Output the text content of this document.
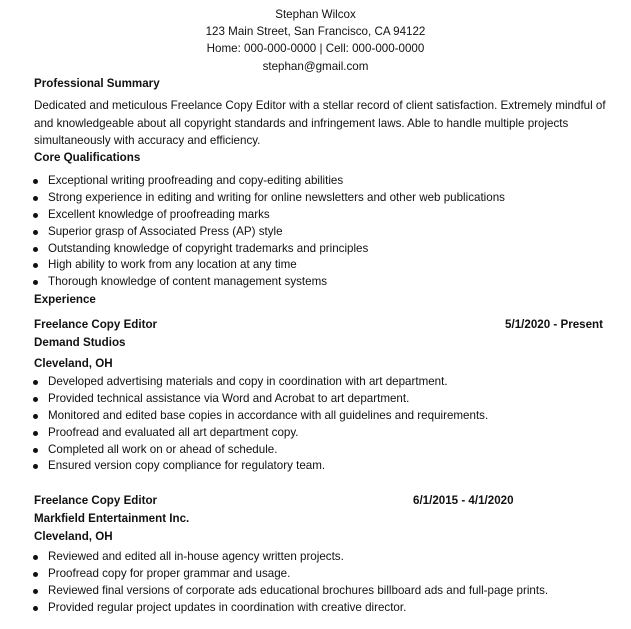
Stephan Wilcox
123 Main Street, San Francisco, CA 94122
Home: 000-000-0000 | Cell: 000-000-0000
stephan@gmail.com
Professional Summary
Dedicated and meticulous Freelance Copy Editor with a stellar record of client satisfaction. Extremely mindful of and knowledgeable about all copyright standards and infringement laws. Able to handle multiple projects simultaneously with accuracy and efficiency.
Core Qualifications
Exceptional writing proofreading and copy-editing abilities
Strong experience in editing and writing for online newsletters and other web publications
Excellent knowledge of proofreading marks
Superior grasp of Associated Press (AP) style
Outstanding knowledge of copyright trademarks and principles
High ability to work from any location at any time
Thorough knowledge of content management systems
Experience
Freelance Copy Editor	5/1/2020 - Present
Demand Studios
Cleveland, OH
Developed advertising materials and copy in coordination with art department.
Provided technical assistance via Word and Acrobat to art department.
Monitored and edited base copies in accordance with all guidelines and requirements.
Proofread and evaluated all art department copy.
Completed all work on or ahead of schedule.
Ensured version copy compliance for regulatory team.
Freelance Copy Editor	6/1/2015 - 4/1/2020
Markfield Entertainment Inc.
Cleveland, OH
Reviewed and edited all in-house agency written projects.
Proofread copy for proper grammar and usage.
Reviewed final versions of corporate ads educational brochures billboard ads and full-page prints.
Provided regular project updates in coordination with creative director.
